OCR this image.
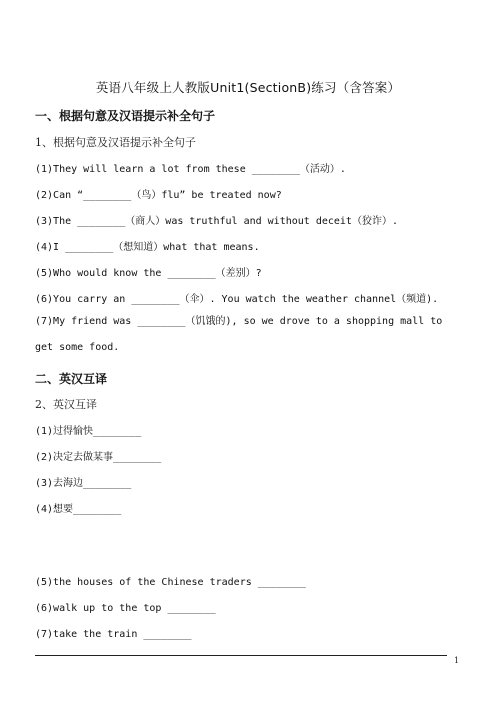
英语八年级上人教版Unit1(SectionB)练习（含答案）
一、根据句意及汉语提示补全句子
1、根据句意及汉语提示补全句子
(1)They will learn a lot from these ________（活动）.
(2)Can “________（鸟）flu” be treated now?
(3)The ________（商人）was truthful and without deceit（狡诈）.
(4)I ________（想知道）what that means.
(5)Who would know the ________（差别）?
(6)You carry an ________（伞）. You watch the weather channel（频道).
(7)My friend was ________（饥饿的), so we drove to a shopping mall to get some food.
二、英汉互译
2、英汉互译
(1)过得愉快________
(2)决定去做某事________
(3)去海边________
(4)想要________
(5)the houses of the Chinese traders ________
(6)walk up to the top ________
(7)take the train ________
1
